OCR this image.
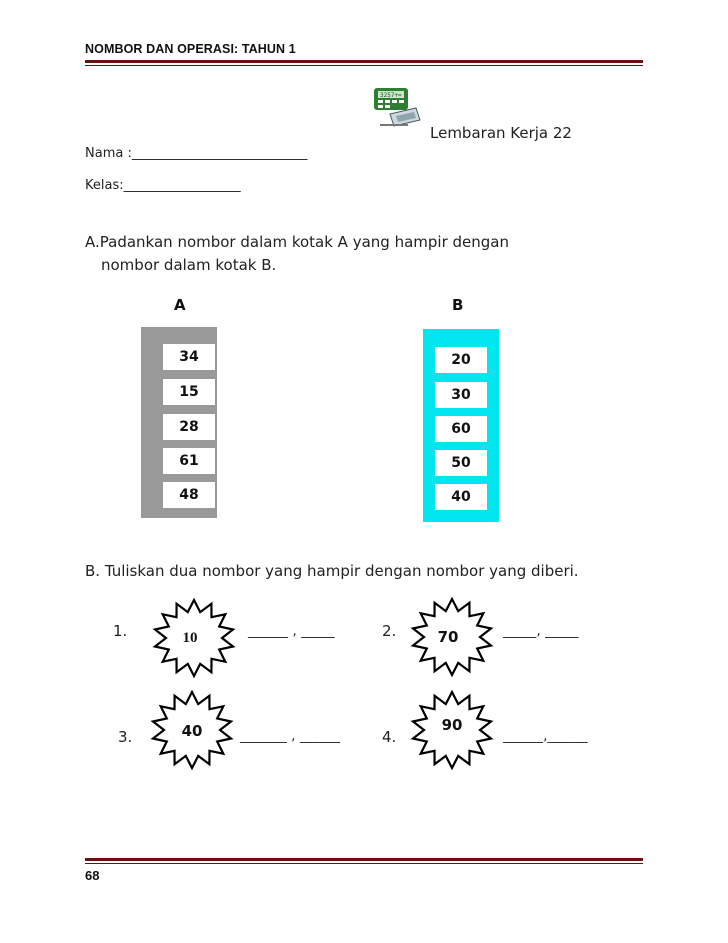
NOMBOR DAN OPERASI: TAHUN 1
3257+=
Lembaran Kerja 22
Nama :___________________________
Kelas:__________________
A.Padankan nombor dalam kotak A yang hampir dengan
nombor dalam kotak B.
A	B
34
15
28
61
48
20
30
60
50
40
B. Tuliskan dua nombor yang hampir dengan nombor yang diberi.
1.	10	______ , _____	2.	70	_____, _____
3.	40	_______ , ______	4.
90
______,______
68
